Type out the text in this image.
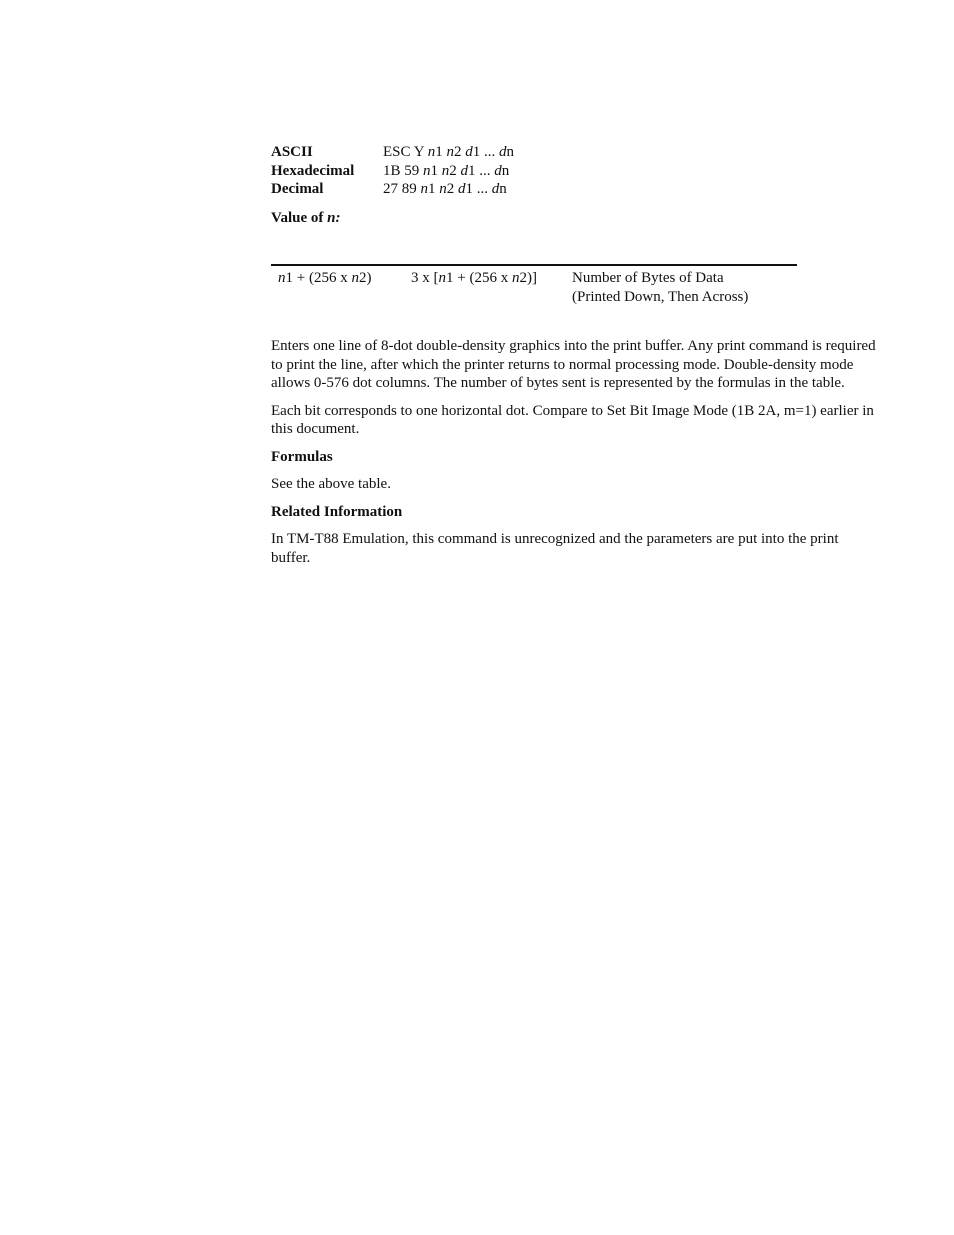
ASCII	ESC Y n1 n2 d1 ... dn
Hexadecimal	1B 59 n1 n2 d1 ... dn
Decimal	27 89 n1 n2 d1 ... dn
Value of n:
n1 + (256 x n2)	3 x [n1 + (256 x n2)]	Number of Bytes of Data
(Printed Down, Then Across)

Enters one line of 8-dot double-density graphics into the print buffer. Any print command is required to print the line, after which the printer returns to normal processing mode. Double-density mode allows 0-576 dot columns. The number of bytes sent is represented by the formulas in the table.

Each bit corresponds to one horizontal dot. Compare to Set Bit Image Mode (1B 2A, m=1) earlier in this document.

Formulas

See the above table.

Related Information

In TM-T88 Emulation, this command is unrecognized and the parameters are put into the print buffer.
